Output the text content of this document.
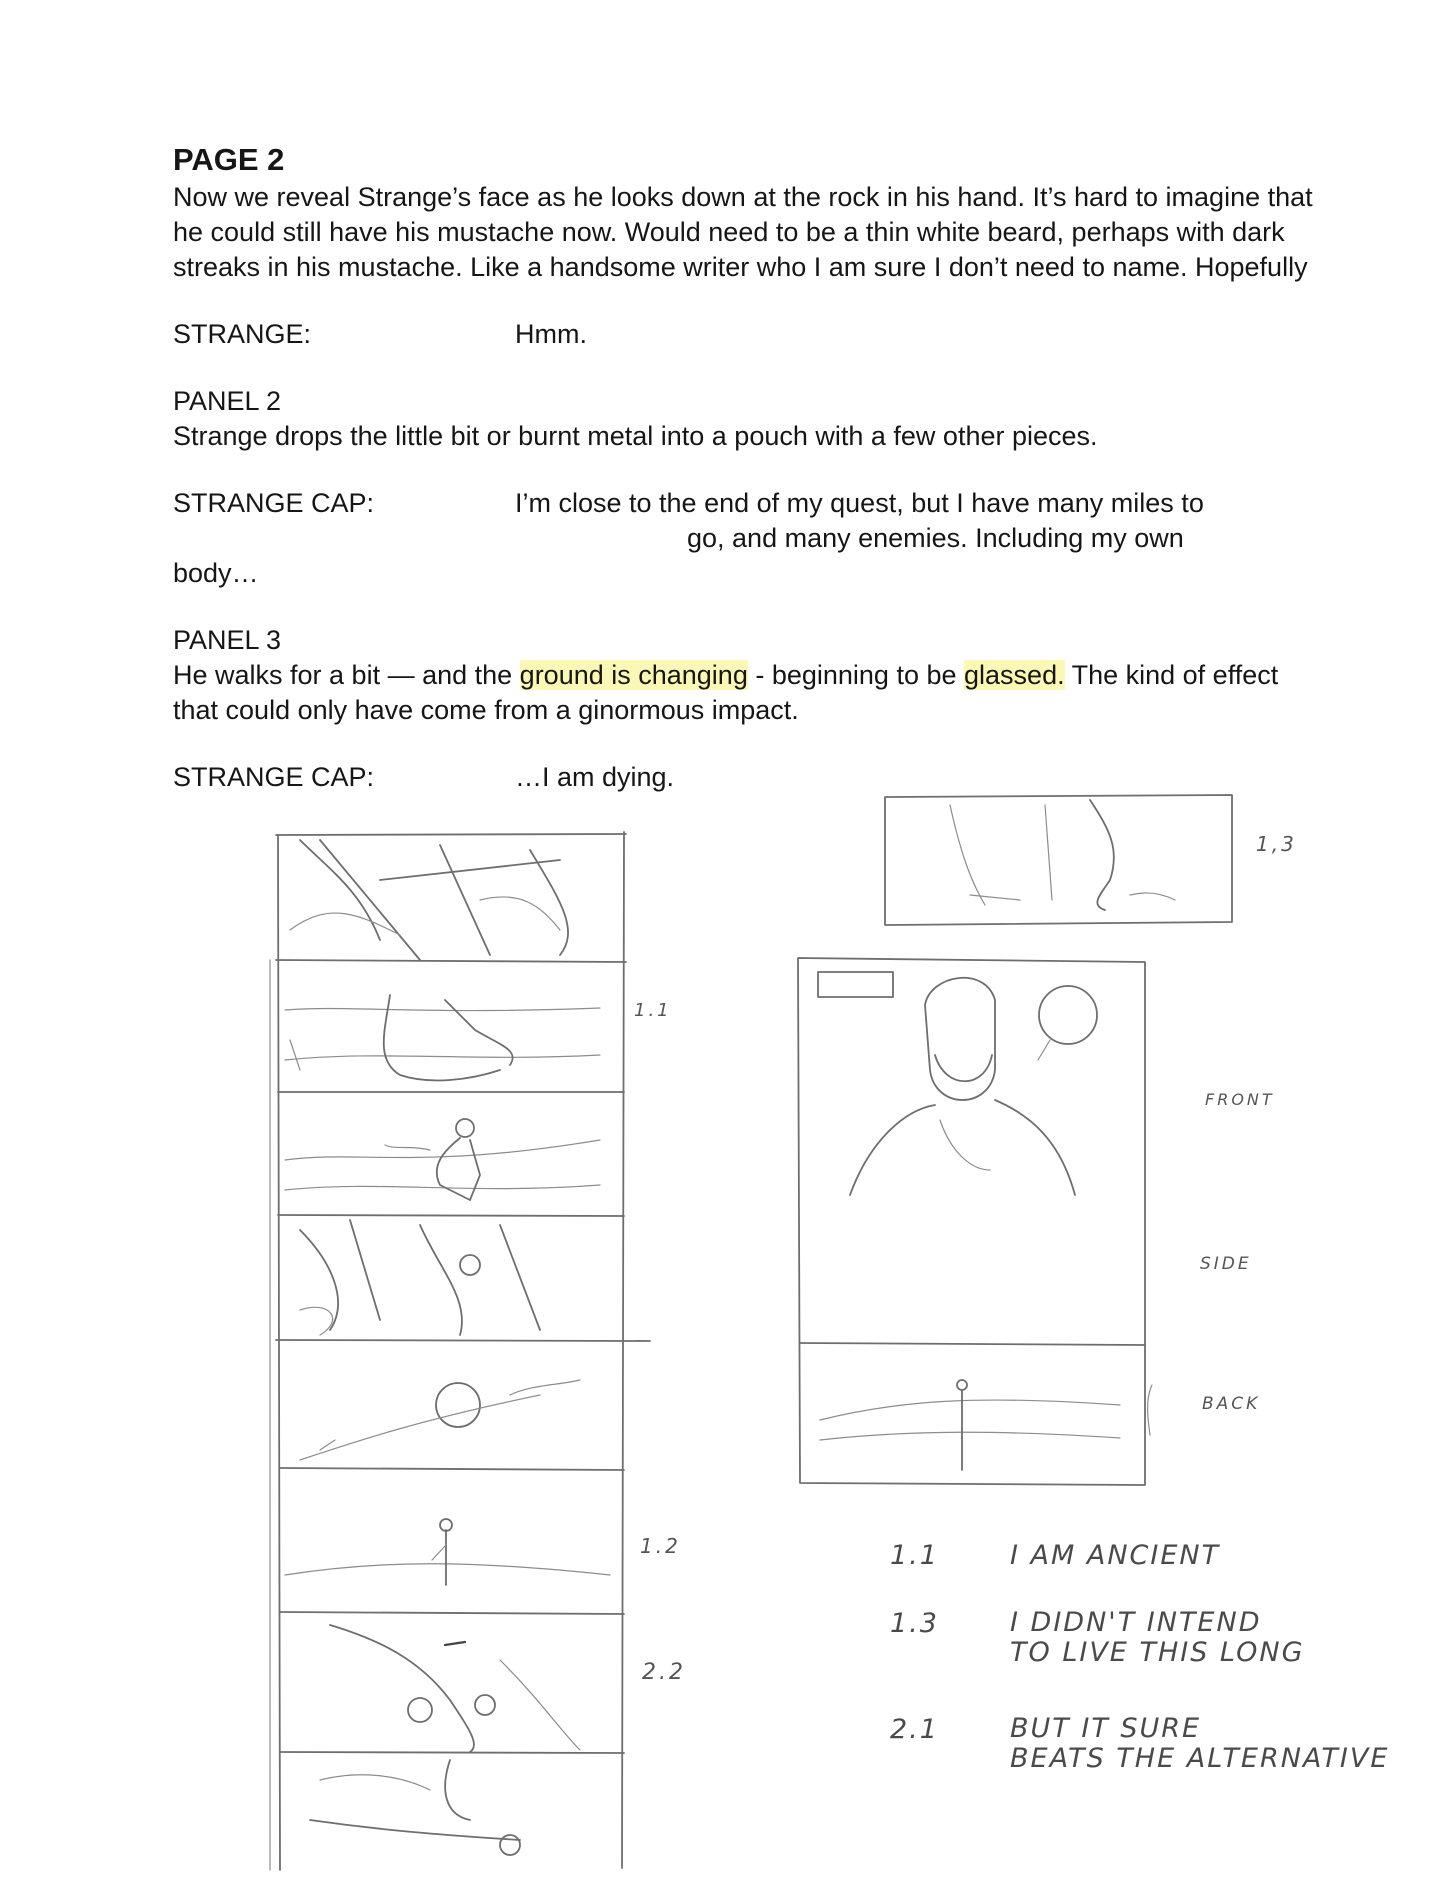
PAGE 2

Now we reveal Strange’s face as he looks down at the rock in his hand. It’s hard to imagine that he could still have his mustache now. Would need to be a thin white beard, perhaps with dark streaks in his mustache. Like a handsome writer who I am sure I don’t need to name. Hopefully

STRANGE:	Hmm.

PANEL 2

Strange drops the little bit or burnt metal into a pouch with a few other pieces.

STRANGE CAP:	I’m close to the end of my quest, but I have many miles to

go, and many enemies. Including my own

body…

PANEL 3

He walks for a bit — and the ground is changing - beginning to be glassed. The kind of effect that could only have come from a ginormous impact.

STRANGE CAP:	…I am dying.
1.1
1.2
2.2
1,3
FRONT
SIDE
BACK
1.1	I AM ANCIENT
1.3	I DIDN'T INTEND
TO LIVE THIS LONG
2.1	BUT IT SURE
BEATS THE ALTERNATIVE
